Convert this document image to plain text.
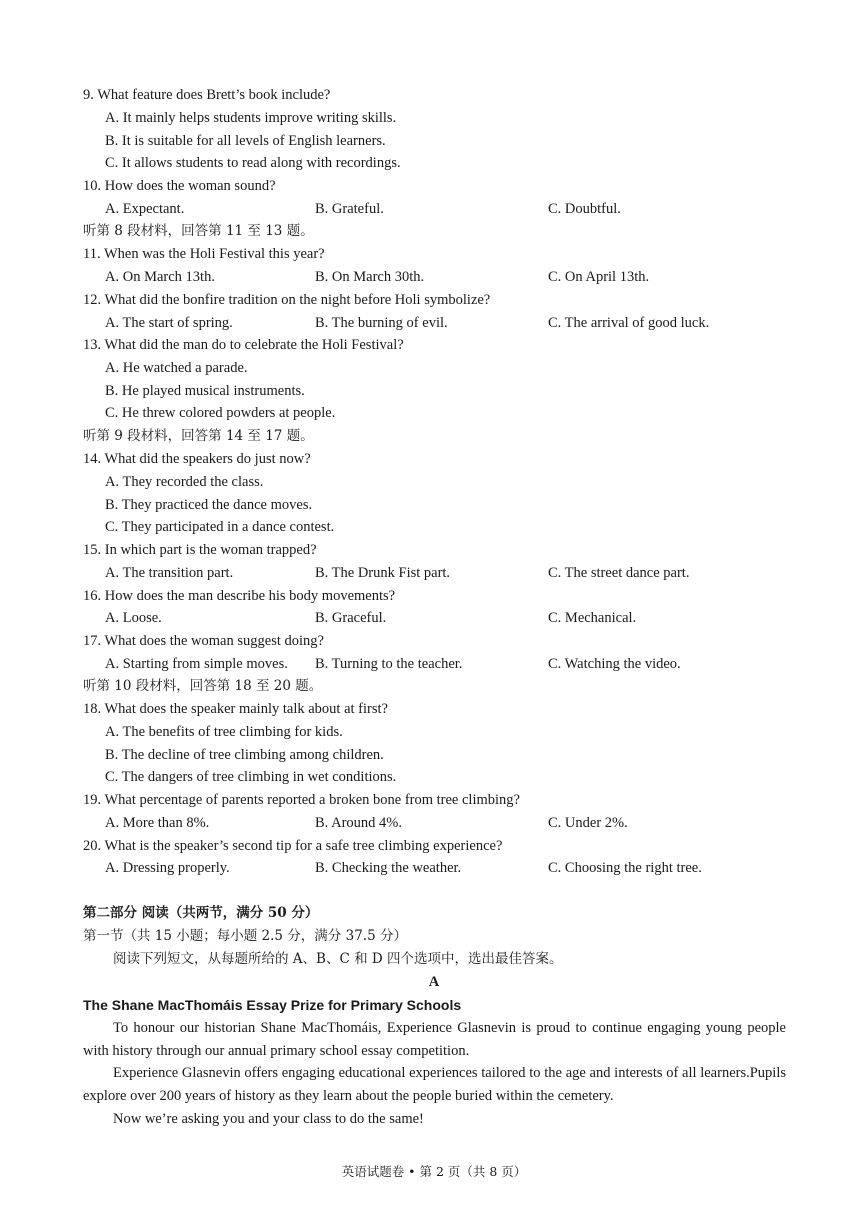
9. What feature does Brett’s book include?
A. It mainly helps students improve writing skills.
B. It is suitable for all levels of English learners.
C. It allows students to read along with recordings.
10. How does the woman sound?
A. Expectant.	B. Grateful.	C. Doubtful.
听第 8 段材料，回答第 11 至 13 题。
11. When was the Holi Festival this year?
A. On March 13th.	B. On March 30th.	C. On April 13th.
12. What did the bonfire tradition on the night before Holi symbolize?
A. The start of spring.	B. The burning of evil.	C. The arrival of good luck.
13. What did the man do to celebrate the Holi Festival?
A. He watched a parade.
B. He played musical instruments.
C. He threw colored powders at people.
听第 9 段材料，回答第 14 至 17 题。
14. What did the speakers do just now?
A. They recorded the class.
B. They practiced the dance moves.
C. They participated in a dance contest.
15. In which part is the woman trapped?
A. The transition part.	B. The Drunk Fist part.	C. The street dance part.
16. How does the man describe his body movements?
A. Loose.	B. Graceful.	C. Mechanical.
17. What does the woman suggest doing?
A. Starting from simple moves. B. Turning to the teacher.	C. Watching the video.
听第 10 段材料，回答第 18 至 20 题。
18. What does the speaker mainly talk about at first?
A. The benefits of tree climbing for kids.
B. The decline of tree climbing among children.
C. The dangers of tree climbing in wet conditions.
19. What percentage of parents reported a broken bone from tree climbing?
A. More than 8%.	B. Around 4%.	C. Under 2%.
20. What is the speaker’s second tip for a safe tree climbing experience?
A. Dressing properly.	B. Checking the weather.	C. Choosing the right tree.
第二部分 阅读（共两节，满分 50 分）
第一节（共 15 小题；每小题 2.5 分，满分 37.5 分）
阅读下列短文，从每题所给的 A、B、C 和 D 四个选项中，选出最佳答案。
A
The Shane MacThomáis Essay Prize for Primary Schools
To honour our historian Shane MacThomáis, Experience Glasnevin is proud to continue engaging young people with history through our annual primary school essay competition.
Experience Glasnevin offers engaging educational experiences tailored to the age and interests of all learners.Pupils explore over 200 years of history as they learn about the people buried within the cemetery.
Now we’re asking you and your class to do the same!
英语试题卷 • 第 2 页（共 8 页）
